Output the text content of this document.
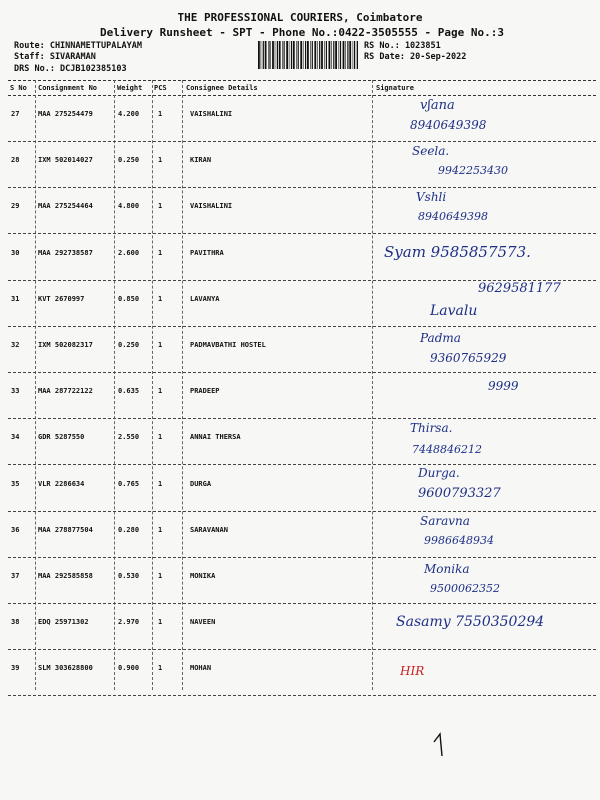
THE PROFESSIONAL COURIERS, Coimbatore
Delivery Runsheet - SPT - Phone No.:0422-3505555 - Page No.:3
Route: CHINNAMETTUPALAYAM
Staff: SIVARAMAN
DRS No.: DCJB102385103
RS No.: 1023851
RS Date: 20-Sep-2022
S No Consignment No	Weight PCS	Consignee Details	Signature
27	MAA 275254479	4.200	1	VAISHALINI
vʃana
8940649398
28	IXM 502014027	0.250	1	KIRAN
Seela.
9942253430
29	MAA 275254464	4.800	1	VAISHALINI
Vshli
8940649398
30	MAA 292738587	2.600	1	PAVITHRA	Syam 9585857573.
31	KVT 2670997	0.850	1	LAVANYA
9629581177
Lavalu
32	IXM 502082317	0.250	1	PADMAVBATHI HOSTEL	Padma
9360765929
33	MAA 287722122	0.635	1	PRADEEP	9999
34	GDR 5287550	2.550	1	ANNAI THERSA
Thirsa.
7448846212
35	VLR 2286634	0.765	1	DURGA
Durga.
9600793327
36	MAA 278877504	0.280	1	SARAVANAN
Saravna
9986648934
37	MAA 292585858	0.530	1	MONIKA	Monika
9500062352
38	EDQ 25971302	2.970	1	NAVEEN	Sasamy 7550350294
39	SLM 303628800	0.900	1	MOHAN	HIR
